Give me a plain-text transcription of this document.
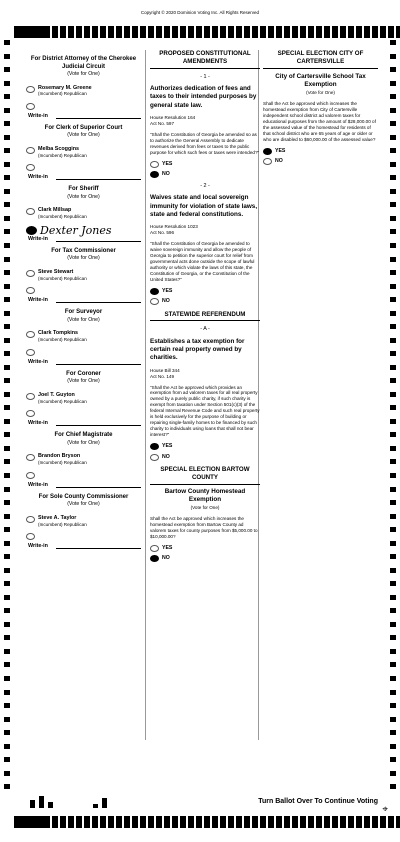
Copyright © 2020 Dominion Voting Inc. All Rights Reserved
For District Attorney of the Cherokee Judicial Circuit
(Vote for One)
Rosemary M. Greene
(Incumbent) Republican
Write-in
For Clerk of Superior Court
(Vote for One)
Melba Scoggins
(Incumbent) Republican
Write-in
For Sheriff
(Vote for One)
Clark Millsap
(Incumbent) Republican
Dexter Jones
Write-in
For Tax Commissioner
(Vote for One)
Steve Stewart
(Incumbent) Republican
Write-in
For Surveyor
(Vote for One)
Clark Tompkins
(Incumbent) Republican
Write-in
For Coroner
(Vote for One)
Joel T. Guyton
(Incumbent) Republican
Write-in
For Chief Magistrate
(Vote for One)
Brandon Bryson
(Incumbent) Republican
Write-in
For Sole County Commissioner
(Vote for One)
Steve A. Taylor
(Incumbent) Republican
Write-in
PROPOSED CONSTITUTIONAL AMENDMENTS
- 1 -
Authorizes dedication of fees and taxes to their intended purposes by general state law.
House Resolution 164
Act No. 597
"Shall the Constitution of Georgia be amended so as to authorize the General Assembly to dedicate revenues derived from fees or taxes to the public purpose for which such fees or taxes were intended?"
YES
NO
- 2 -
Waives state and local sovereign immunity for violation of state laws, state and federal constitutions.
House Resolution 1023
Act No. 596
"Shall the Constitution of Georgia be amended to waive sovereign immunity and allow the people of Georgia to petition the superior court for relief from governmental acts done outside the scope of lawful authority or which violate the laws of this state, the Constitution of Georgia, or the Constitution of the United States?"
YES
NO
STATEWIDE REFERENDUM
- A -
Establishes a tax exemption for certain real property owned by charities.
House Bill 344
Act No. 149
"Shall the Act be approved which provides an exemption from ad valorem taxes for all real property owned by a purely public charity, if such charity is exempt from taxation under Section 501(c)(3) of the federal Internal Revenue Code and such real property is held exclusively for the purpose of building or repairing single-family homes to be financed by such charity to individuals using loans that shall not bear interest?"
YES
NO
SPECIAL ELECTION BARTOW COUNTY
Bartow County Homestead Exemption
(Vote for One)
Shall the Act be approved which increases the homestead exemption from Bartow County ad valorem taxes for county purposes from $5,000.00 to $10,000.00?
YES
NO
SPECIAL ELECTION CITY OF CARTERSVILLE
City of Cartersville School Tax Exemption
(Vote for One)
Shall the Act be approved which increases the homestead exemption from City of Cartersville independent school district ad valorem taxes for educational purposes from the amount of $28,000.00 of the assessed value of the homestead for residents of that school district who are 65 years of age or older or who are disabled to $60,000.00 of the assessed value?
YES
NO
Turn Ballot Over To Continue Voting
⌖
